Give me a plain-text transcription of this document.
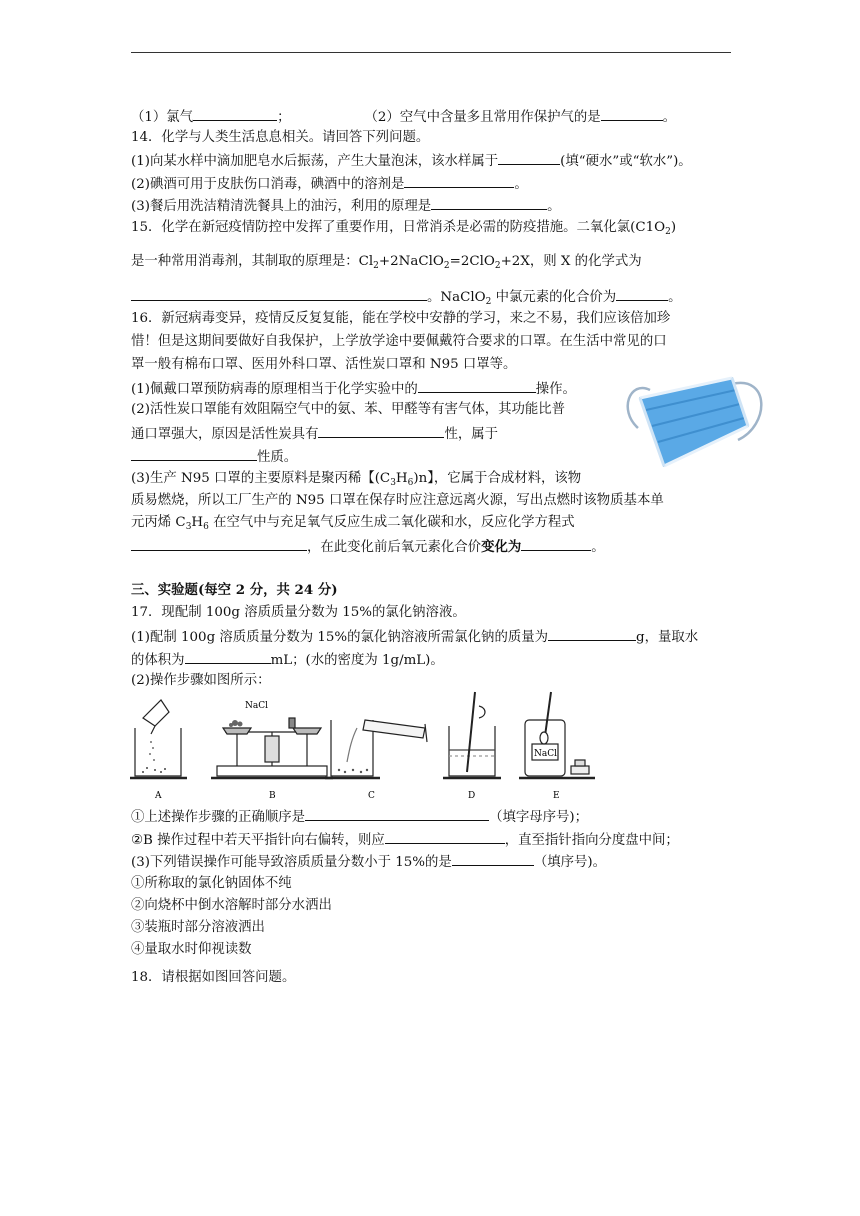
（1）氯气	；	（2）空气中含量多且常用作保护气的是	。
14．化学与人类生活息息相关。请回答下列问题。
(1)向某水样中滴加肥皂水后振荡，产生大量泡沫，该水样属于	(填“硬水”或“软水”)。
(2)碘酒可用于皮肤伤口消毒，碘酒中的溶剂是	。
(3)餐后用洗洁精清洗餐具上的油污，利用的原理是	。
15．化学在新冠疫情防控中发挥了重要作用，日常消杀是必需的防疫措施。二氧化氯$(C1O_2)$
是一种常用消毒剂，其制取的原理是：$Cl_2+2NaClO_2=2ClO_2+2X$，则 X 的化学式为
。NaClO$_2$ 中氯元素的化合价为	。
16．新冠病毒变异，疫情反反复复能，能在学校中安静的学习，来之不易，我们应该倍加珍
惜！但是这期间要做好自我保护，上学放学途中要佩戴符合要求的口罩。在生活中常见的口
罩一般有棉布口罩、医用外科口罩、活性炭口罩和 N95 口罩等。
(1)佩戴口罩预防病毒的原理相当于化学实验中的	操作。
(2)活性炭口罩能有效阻隔空气中的氨、苯、甲醛等有害气体，其功能比普
通口罩强大，原因是活性炭具有	性，属于
性质。
(3)生产 N95 口罩的主要原料是聚丙稀【$(C_3H_6)n$】，它属于合成材料，该物
质易燃烧，所以工厂生产的 N95 口罩在保存时应注意远离火源，写出点燃时该物质基本单
元丙烯 $C_3H_6$ 在空气中与充足氧气反应生成二氧化碳和水，反应化学方程式
，在此变化前后氧元素化合价变化为	。
三、实验题(每空 2 分，共 24 分)
17．现配制 100g 溶质质量分数为 15%的氯化钠溶液。
(1)配制 100g 溶质质量分数为 15%的氯化钠溶液所需氯化钠的质量为	g，量取水
的体积为	mL；(水的密度为 1g/mL)。
(2)操作步骤如图所示：
NaCl
NaCl
A	B	C	D	E
①上述操作步骤的正确顺序是	（填字母序号)；
②B 操作过程中若天平指针向右偏转，则应	，直至指针指向分度盘中间；
(3)下列错误操作可能导致溶质质量分数小于 15%的是	（填序号)。
①所称取的氯化钠固体不纯
②向烧杯中倒水溶解时部分水洒出
③装瓶时部分溶液洒出
④量取水时仰视读数
18．请根据如图回答问题。
